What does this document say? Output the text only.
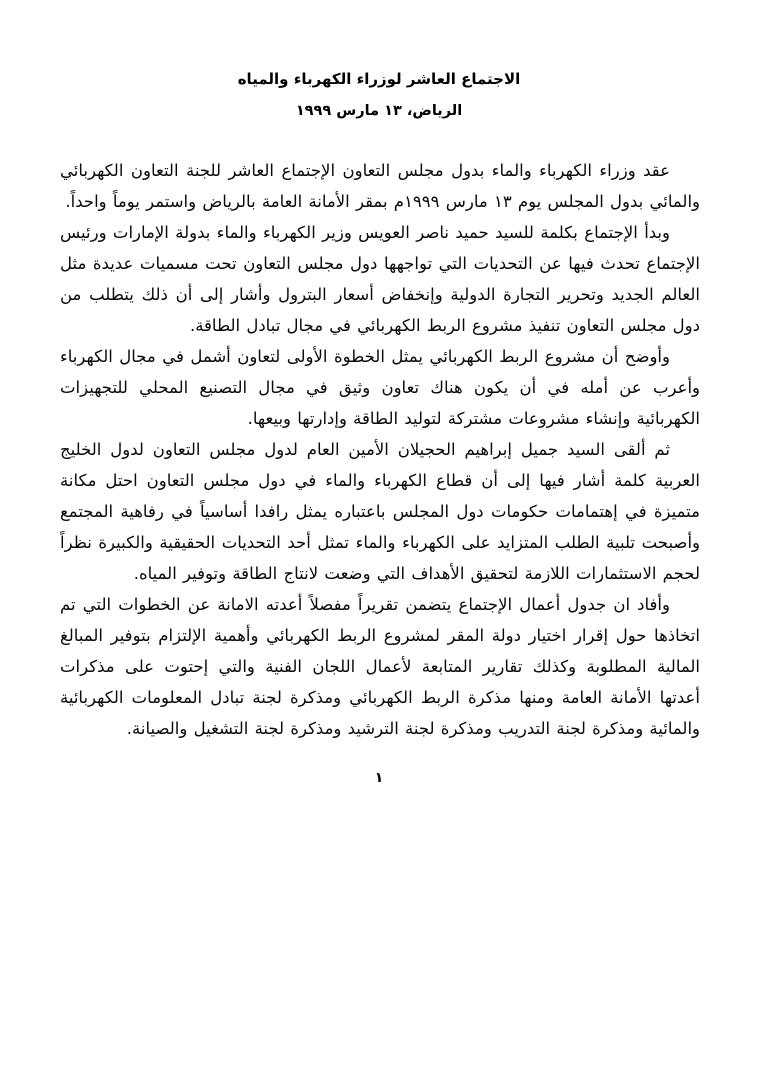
الاجتماع العاشر لوزراء الكهرباء والمياه
الرياض، ١٣ مارس ١٩٩٩

عقد وزراء الكهرباء والماء بدول مجلس التعاون الإجتماع العاشر للجنة التعاون الكهربائي والمائي بدول المجلس يوم ١٣ مارس ١٩٩٩م بمقر الأمانة العامة بالرياض واستمر يوماً واحداً.

وبدأ الإجتماع بكلمة للسيد حميد ناصر العويس وزير الكهرباء والماء بدولة الإمارات ورئيس الإجتماع تحدث فيها عن التحديات التي تواجهها دول مجلس التعاون تحت مسميات عديدة مثل العالم الجديد وتحرير التجارة الدولية وإنخفاض أسعار البترول وأشار إلى أن ذلك يتطلب من دول مجلس التعاون تنفيذ مشروع الربط الكهربائي في مجال تبادل الطاقة.

وأوضح أن مشروع الربط الكهربائي يمثل الخطوة الأولى لتعاون أشمل في مجال الكهرباء وأعرب عن أمله في أن يكون هناك تعاون وثيق في مجال التصنيع المحلي للتجهيزات الكهربائية وإنشاء مشروعات مشتركة لتوليد الطاقة وإدارتها وبيعها.

ثم ألقى السيد جميل إبراهيم الحجيلان الأمين العام لدول مجلس التعاون لدول الخليج العربية كلمة أشار فيها إلى أن قطاع الكهرباء والماء في دول مجلس التعاون احتل مكانة متميزة في إهتمامات حكومات دول المجلس باعتباره يمثل رافدا أساسياً في رفاهية المجتمع وأصبحت تلبية الطلب المتزايد على الكهرباء والماء تمثل أحد التحديات الحقيقية والكبيرة نظراً لحجم الاستثمارات اللازمة لتحقيق الأهداف التي وضعت لانتاج الطاقة وتوفير المياه.

وأفاد ان جدول أعمال الإجتماع يتضمن تقريراً مفصلاً أعدته الامانة عن الخطوات التي تم اتخاذها حول إقرار اختيار دولة المقر لمشروع الربط الكهربائي وأهمية الإلتزام بتوفير المبالغ المالية المطلوبة وكذلك تقارير المتابعة لأعمال اللجان الفنية والتي إحتوت على مذكرات أعدتها الأمانة العامة ومنها مذكرة الربط الكهربائي ومذكرة لجنة تبادل المعلومات الكهربائية والمائية ومذكرة لجنة التدريب ومذكرة لجنة الترشيد ومذكرة لجنة التشغيل والصيانة.

١
